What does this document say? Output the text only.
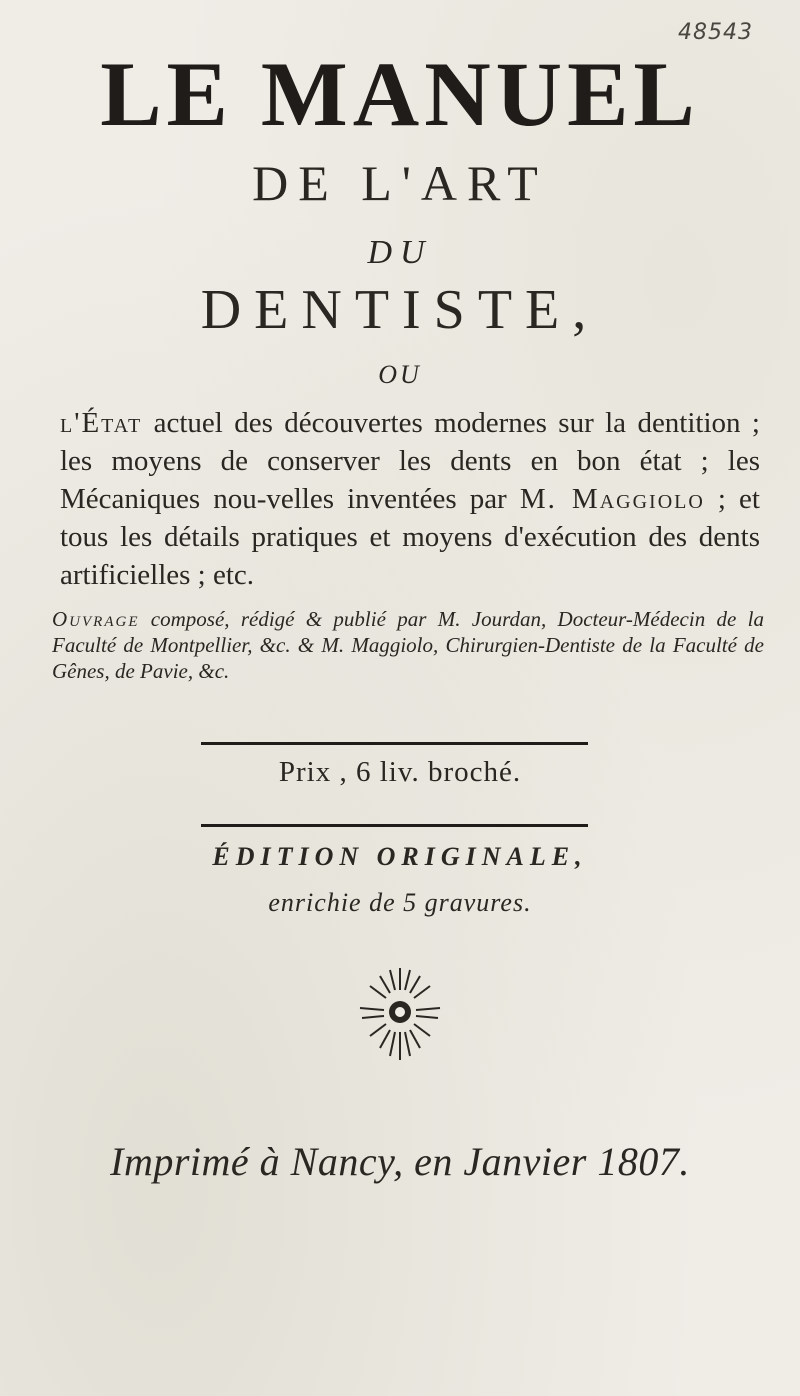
48543
LE MANUEL
DE L'ART
DU
DENTISTE,
OU
l'État actuel des découvertes modernes sur la dentition ; les moyens de conserver les dents en bon état ; les Mécaniques nou-velles inventées par M. Maggiolo ; et tous les détails pratiques et moyens d'exécution des dents artificielles ; etc.
Ouvrage composé, rédigé & publié par M. Jourdan, Docteur-Médecin de la Faculté de Montpellier, &c. & M. Maggiolo, Chirurgien-Dentiste de la Faculté de Gênes, de Pavie, &c.
Prix , 6 liv. broché.
ÉDITION ORIGINALE,
enrichie de 5 gravures.
Imprimé à Nancy, en Janvier 1807.
